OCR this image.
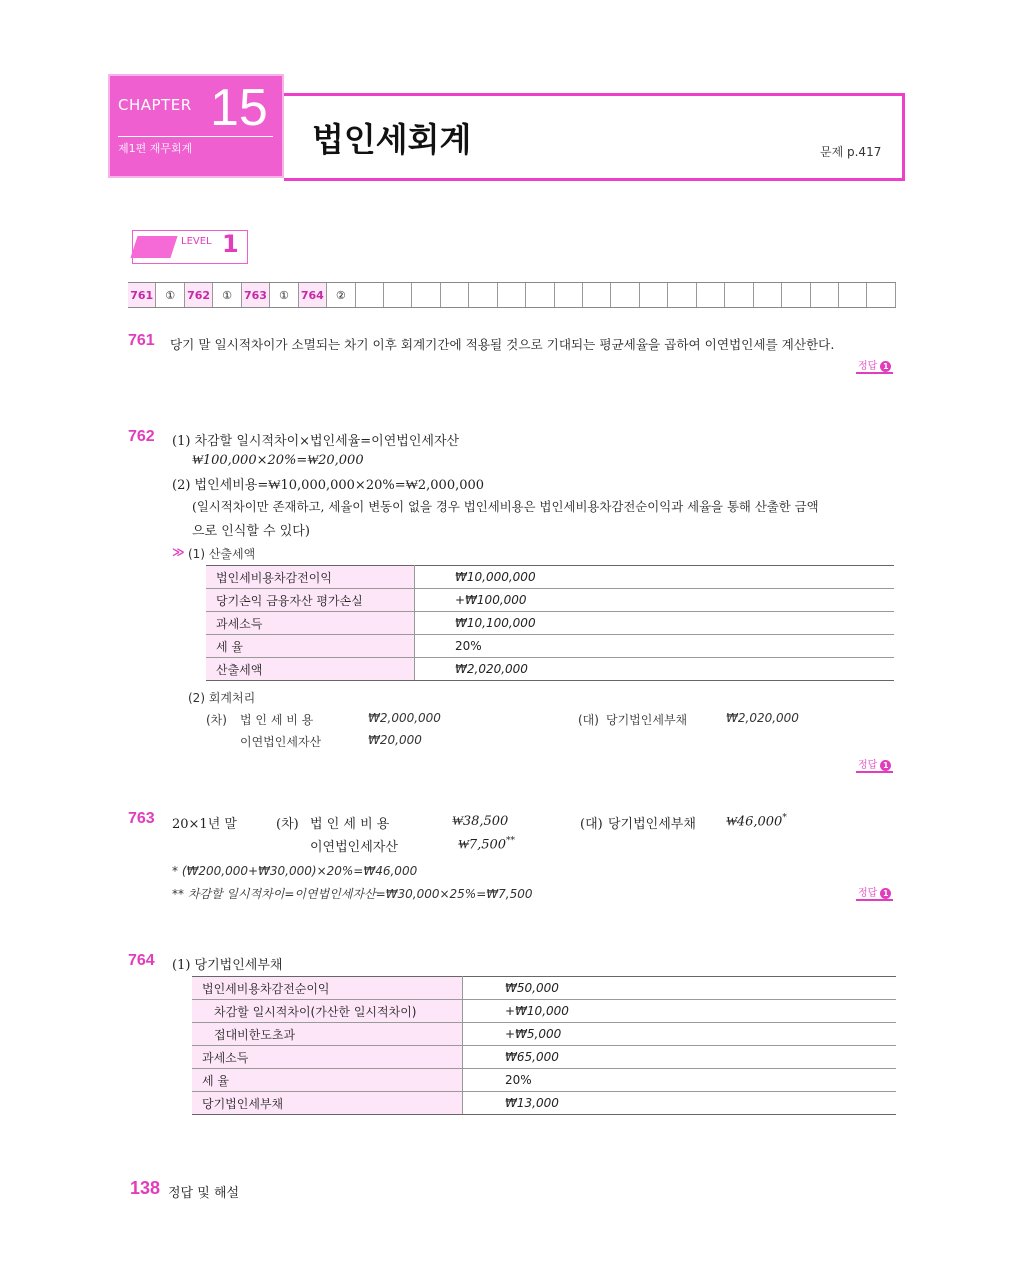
CHAPTER 15
제1편 재무회계	법인세회계	문제 p.417
LEVEL 1
761	①	762	①	763	①	764	②
761 당기 말 일시적차이가 소멸되는 차기 이후 회계기간에 적용될 것으로 기대되는 평균세율을 곱하여 이연법인세를 계산한다.
정답 1
762 (1) 차감할 일시적차이×법인세율=이연법인세자산
₩100,000×20%=₩20,000
(2) 법인세비용=₩10,000,000×20%=₩2,000,000
(일시적차이만 존재하고, 세율이 변동이 없을 경우 법인세비용은 법인세비용차감전순이익과 세율을 통해 산출한 금액
으로 인식할 수 있다)
≫ (1) 산출세액
법인세비용차감전이익	₩10,000,000
당기손익 금융자산 평가손실	+₩100,000
과세소득	₩10,100,000
세 율	20%
산출세액	₩2,020,000
(2) 회계처리
(차) 법 인 세 비 용	₩2,000,000
이연법인세자산	₩20,000
(대) 당기법인세부채	₩2,020,000
정답 1
763 20×1년 말	(차) 법 인 세 비 용	₩38,500
이연법인세자산	₩7,500**
(대) 당기법인세부채 ₩46,000*
* (₩200,000+₩30,000)×20%=₩46,000
** 차감할 일시적차이=이연법인세자산=₩30,000×25%=₩7,500	정답 1
764 (1) 당기법인세부채
법인세비용차감전순이익	₩50,000
차감할 일시적차이(가산한 일시적차이)	+₩10,000
접대비한도초과	+₩5,000
과세소득	₩65,000
세 율	20%
당기법인세부채	₩13,000
138 정답 및 해설
